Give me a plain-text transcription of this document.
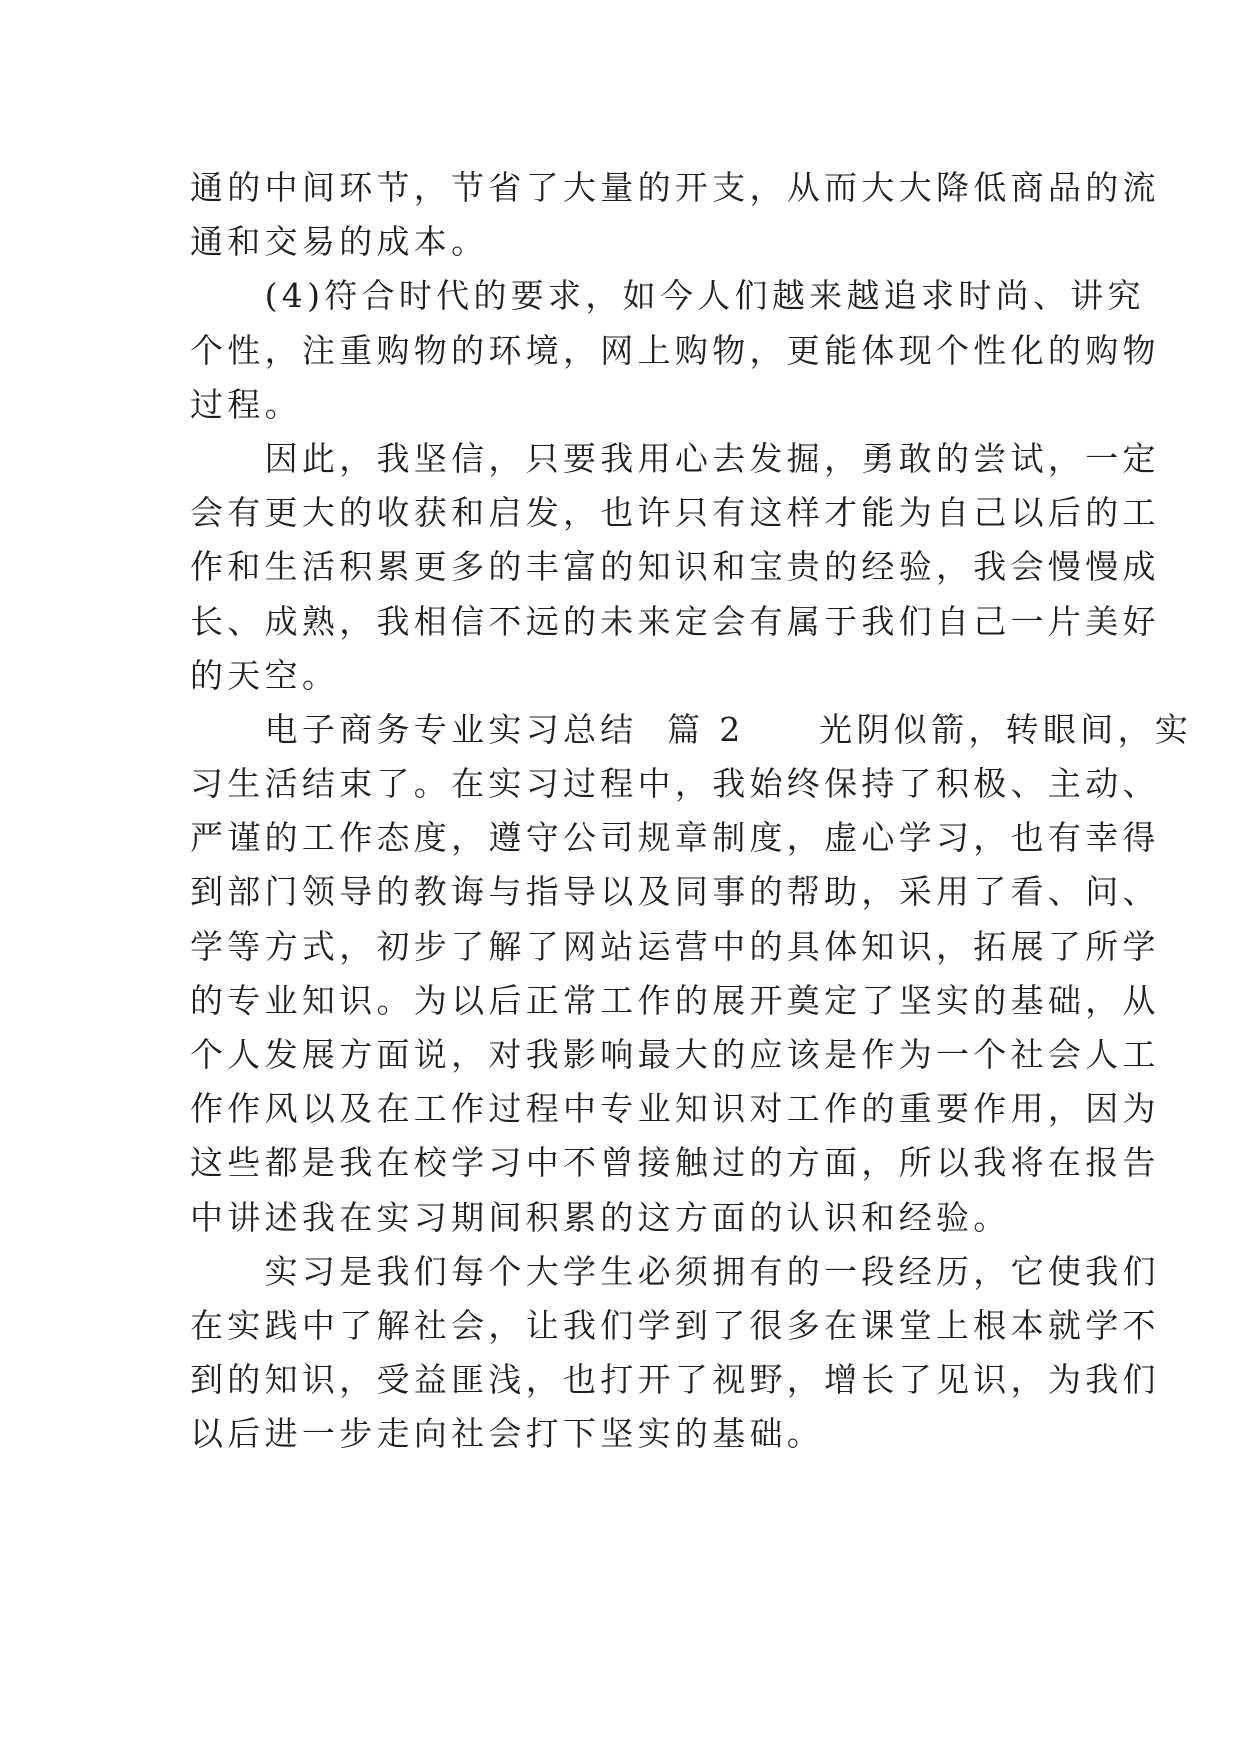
通的中间环节，节省了大量的开支，从而大大降低商品的流
通和交易的成本。
　　(4)符合时代的要求，如今人们越来越追求时尚、讲究
个性，注重购物的环境，网上购物，更能体现个性化的购物
过程。
　　因此，我坚信，只要我用心去发掘，勇敢的尝试，一定
会有更大的收获和启发，也许只有这样才能为自己以后的工
作和生活积累更多的丰富的知识和宝贵的经验，我会慢慢成
长、成熟，我相信不远的未来定会有属于我们自己一片美好
的天空。
　　电子商务专业实习总结  篇 2　　光阴似箭，转眼间，实
习生活结束了。在实习过程中，我始终保持了积极、主动、
严谨的工作态度，遵守公司规章制度，虚心学习，也有幸得
到部门领导的教诲与指导以及同事的帮助，采用了看、问、
学等方式，初步了解了网站运营中的具体知识，拓展了所学
的专业知识。为以后正常工作的展开奠定了坚实的基础，从
个人发展方面说，对我影响最大的应该是作为一个社会人工
作作风以及在工作过程中专业知识对工作的重要作用，因为
这些都是我在校学习中不曾接触过的方面，所以我将在报告
中讲述我在实习期间积累的这方面的认识和经验。
　　实习是我们每个大学生必须拥有的一段经历，它使我们
在实践中了解社会，让我们学到了很多在课堂上根本就学不
到的知识，受益匪浅，也打开了视野，增长了见识，为我们
以后进一步走向社会打下坚实的基础。
